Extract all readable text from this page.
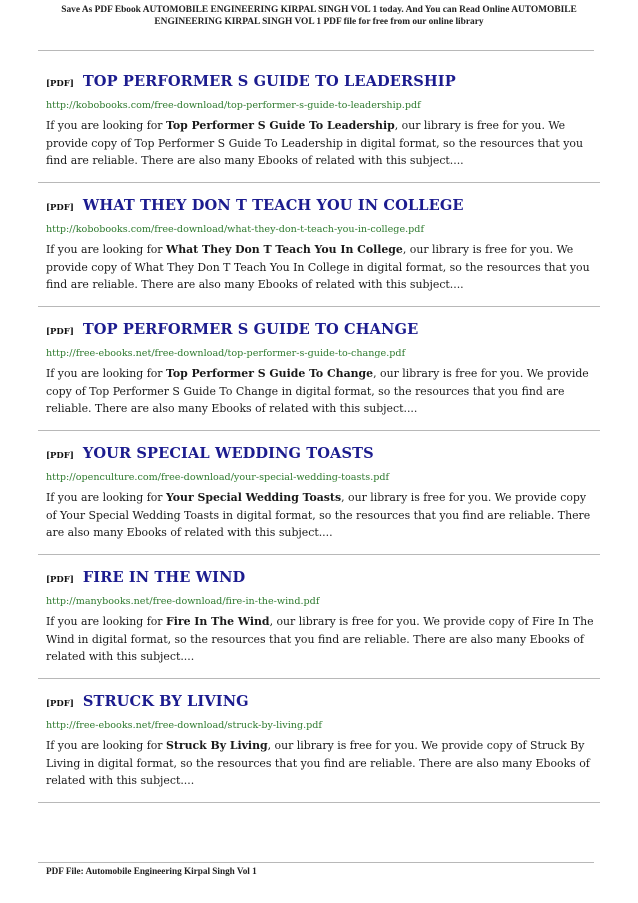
Save As PDF Ebook AUTOMOBILE ENGINEERING KIRPAL SINGH VOL 1 today. And You can Read Online AUTOMOBILE ENGINEERING KIRPAL SINGH VOL 1 PDF file for free from our online library
[PDF] TOP PERFORMER S GUIDE TO LEADERSHIP
http://kobobooks.com/free-download/top-performer-s-guide-to-leadership.pdf

If you are looking for Top Performer S Guide To Leadership, our library is free for you. We provide copy of Top Performer S Guide To Leadership in digital format, so the resources that you find are reliable. There are also many Ebooks of related with this subject....

[PDF] WHAT THEY DON T TEACH YOU IN COLLEGE
http://kobobooks.com/free-download/what-they-don-t-teach-you-in-college.pdf

If you are looking for What They Don T Teach You In College, our library is free for you. We provide copy of What They Don T Teach You In College in digital format, so the resources that you find are reliable. There are also many Ebooks of related with this subject....

[PDF] TOP PERFORMER S GUIDE TO CHANGE
http://free-ebooks.net/free-download/top-performer-s-guide-to-change.pdf

If you are looking for Top Performer S Guide To Change, our library is free for you. We provide copy of Top Performer S Guide To Change in digital format, so the resources that you find are reliable. There are also many Ebooks of related with this subject....

[PDF] YOUR SPECIAL WEDDING TOASTS
http://openculture.com/free-download/your-special-wedding-toasts.pdf

If you are looking for Your Special Wedding Toasts, our library is free for you. We provide copy of Your Special Wedding Toasts in digital format, so the resources that you find are reliable. There are also many Ebooks of related with this subject....

[PDF] FIRE IN THE WIND
http://manybooks.net/free-download/fire-in-the-wind.pdf

If you are looking for Fire In The Wind, our library is free for you. We provide copy of Fire In The Wind in digital format, so the resources that you find are reliable. There are also many Ebooks of related with this subject....

[PDF] STRUCK BY LIVING
http://free-ebooks.net/free-download/struck-by-living.pdf

If you are looking for Struck By Living, our library is free for you. We provide copy of Struck By Living in digital format, so the resources that you find are reliable. There are also many Ebooks of related with this subject....

PDF File: Automobile Engineering Kirpal Singh Vol 1
